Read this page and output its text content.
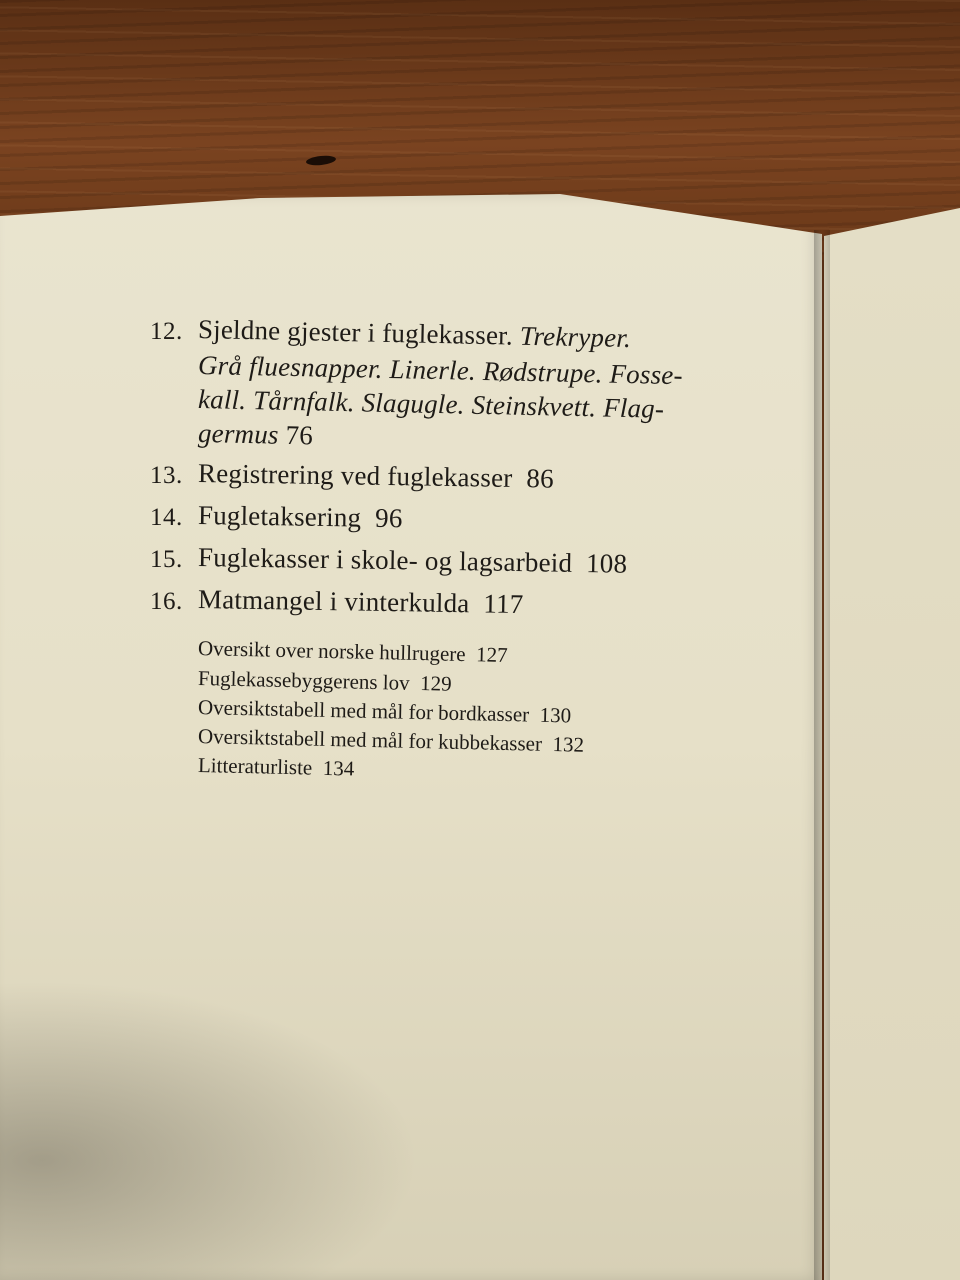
12. Sjeldne gjester i fuglekasser. Trekryper.
Grå fluesnapper. Linerle. Rødstrupe. Fosse-
kall. Tårnfalk. Slagugle. Steinskvett. Flag-
germus 76
13. Registrering ved fuglekasser 86
14. Fugletaksering 96
15. Fuglekasser i skole- og lagsarbeid 108
16. Matmangel i vinterkulda 117
Oversikt over norske hullrugere 127
Fuglekassebyggerens lov 129
Oversiktstabell med mål for bordkasser 130
Oversiktstabell med mål for kubbekasser 132
Litteraturliste 134
